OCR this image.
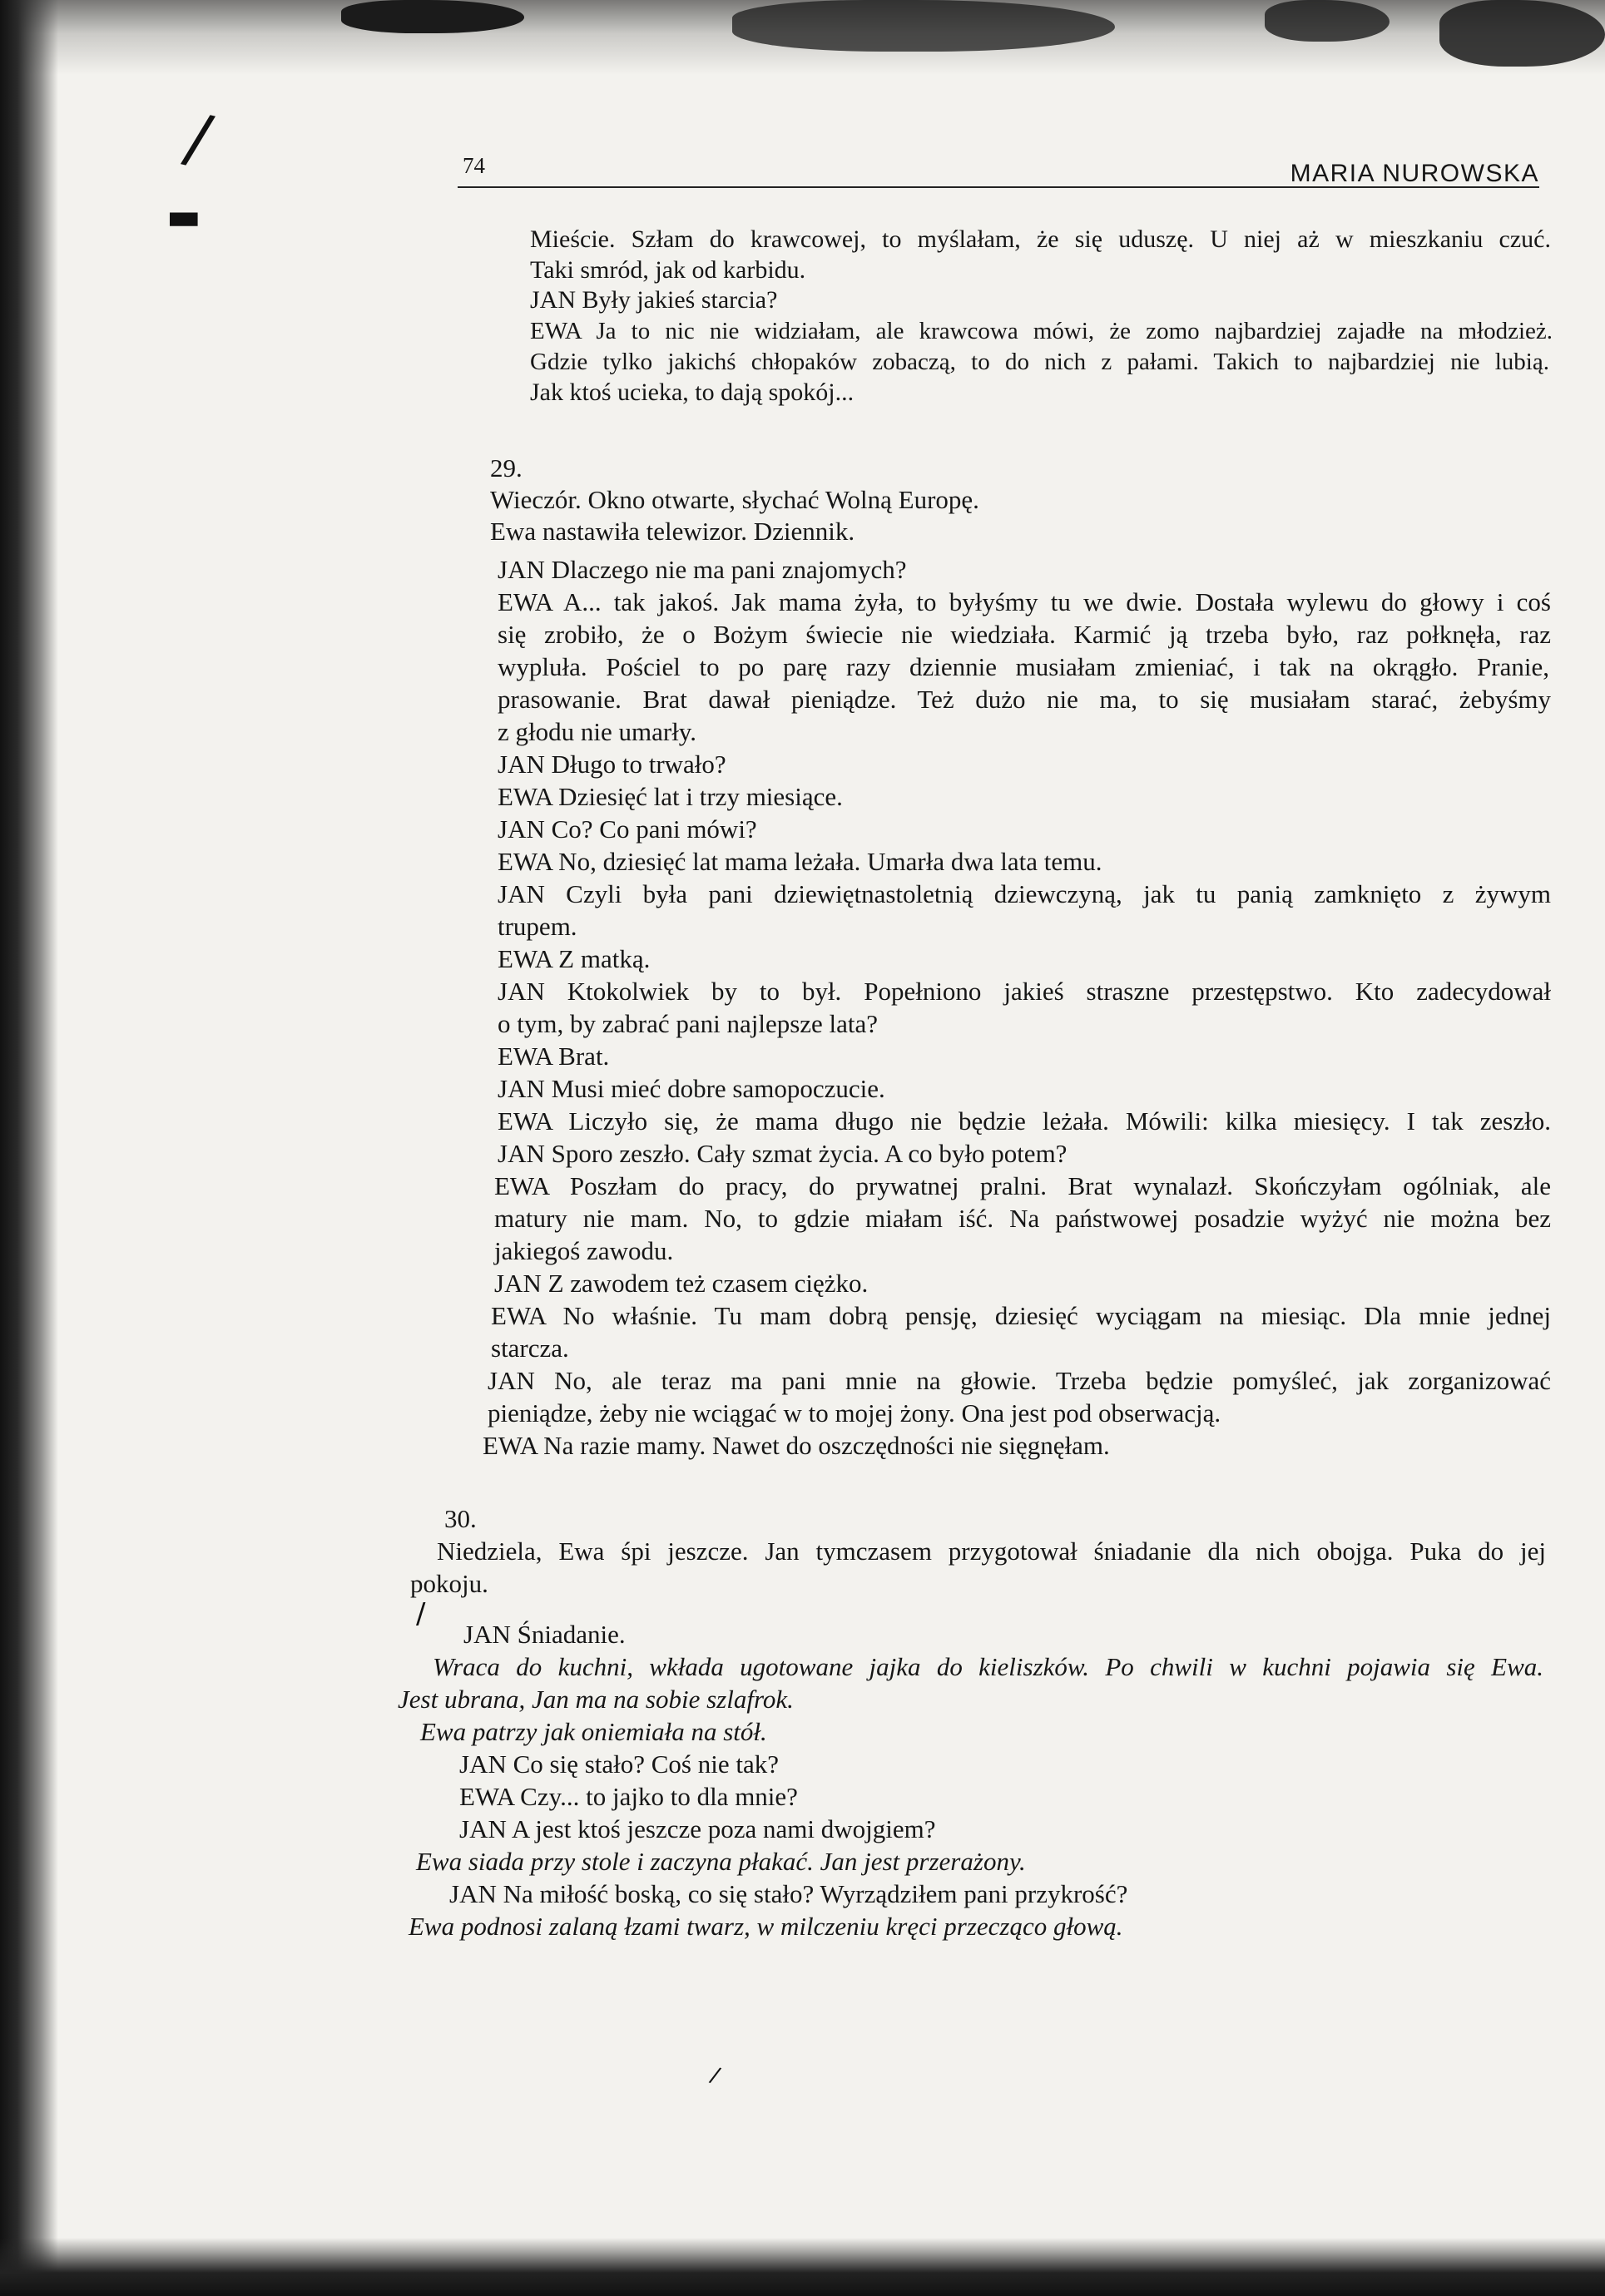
/
▬
/
/
74	MARIA NUROWSKA
Mieście. Szłam do krawcowej, to myślałam, że się uduszę. U niej aż w mieszkaniu czuć.
Taki smród, jak od karbidu.
JAN Były jakieś starcia?
EWA Ja to nic nie widziałam, ale krawcowa mówi, że zomo najbardziej zajadłe na młodzież.
Gdzie tylko jakichś chłopaków zobaczą, to do nich z pałami. Takich to najbardziej nie lubią.
Jak ktoś ucieka, to dają spokój...
29.
Wieczór. Okno otwarte, słychać Wolną Europę.
Ewa nastawiła telewizor. Dziennik.
JAN Dlaczego nie ma pani znajomych?
EWA A... tak jakoś. Jak mama żyła, to byłyśmy tu we dwie. Dostała wylewu do głowy i coś
się zrobiło, że o Bożym świecie nie wiedziała. Karmić ją trzeba było, raz połknęła, raz
wypluła. Pościel to po parę razy dziennie musiałam zmieniać, i tak na okrągło. Pranie,
prasowanie. Brat dawał pieniądze. Też dużo nie ma, to się musiałam starać, żebyśmy
z głodu nie umarły.
JAN Długo to trwało?
EWA Dziesięć lat i trzy miesiące.
JAN Co? Co pani mówi?
EWA No, dziesięć lat mama leżała. Umarła dwa lata temu.
JAN Czyli była pani dziewiętnastoletnią dziewczyną, jak tu panią zamknięto z żywym
trupem.
EWA Z matką.
JAN Ktokolwiek by to był. Popełniono jakieś straszne przestępstwo. Kto zadecydował
o tym, by zabrać pani najlepsze lata?
EWA Brat.
JAN Musi mieć dobre samopoczucie.
EWA Liczyło się, że mama długo nie będzie leżała. Mówili: kilka miesięcy. I tak zeszło.
JAN Sporo zeszło. Cały szmat życia. A co było potem?
EWA Poszłam do pracy, do prywatnej pralni. Brat wynalazł. Skończyłam ogólniak, ale
matury nie mam. No, to gdzie miałam iść. Na państwowej posadzie wyżyć nie można bez
jakiegoś zawodu.
JAN Z zawodem też czasem ciężko.
EWA No właśnie. Tu mam dobrą pensję, dziesięć wyciągam na miesiąc. Dla mnie jednej
starcza.
JAN No, ale teraz ma pani mnie na głowie. Trzeba będzie pomyśleć, jak zorganizować
pieniądze, żeby nie wciągać w to mojej żony. Ona jest pod obserwacją.
EWA Na razie mamy. Nawet do oszczędności nie sięgnęłam.
30.
Niedziela, Ewa śpi jeszcze. Jan tymczasem przygotował śniadanie dla nich obojga. Puka do jej
pokoju.
JAN Śniadanie.
Wraca do kuchni, wkłada ugotowane jajka do kieliszków. Po chwili w kuchni pojawia się Ewa.
Jest ubrana, Jan ma na sobie szlafrok.
Ewa patrzy jak oniemiała na stół.
JAN Co się stało? Coś nie tak?
EWA Czy... to jajko to dla mnie?
JAN A jest ktoś jeszcze poza nami dwojgiem?
Ewa siada przy stole i zaczyna płakać. Jan jest przerażony.
JAN Na miłość boską, co się stało? Wyrządziłem pani przykrość?
Ewa podnosi zalaną łzami twarz, w milczeniu kręci przecząco głową.
